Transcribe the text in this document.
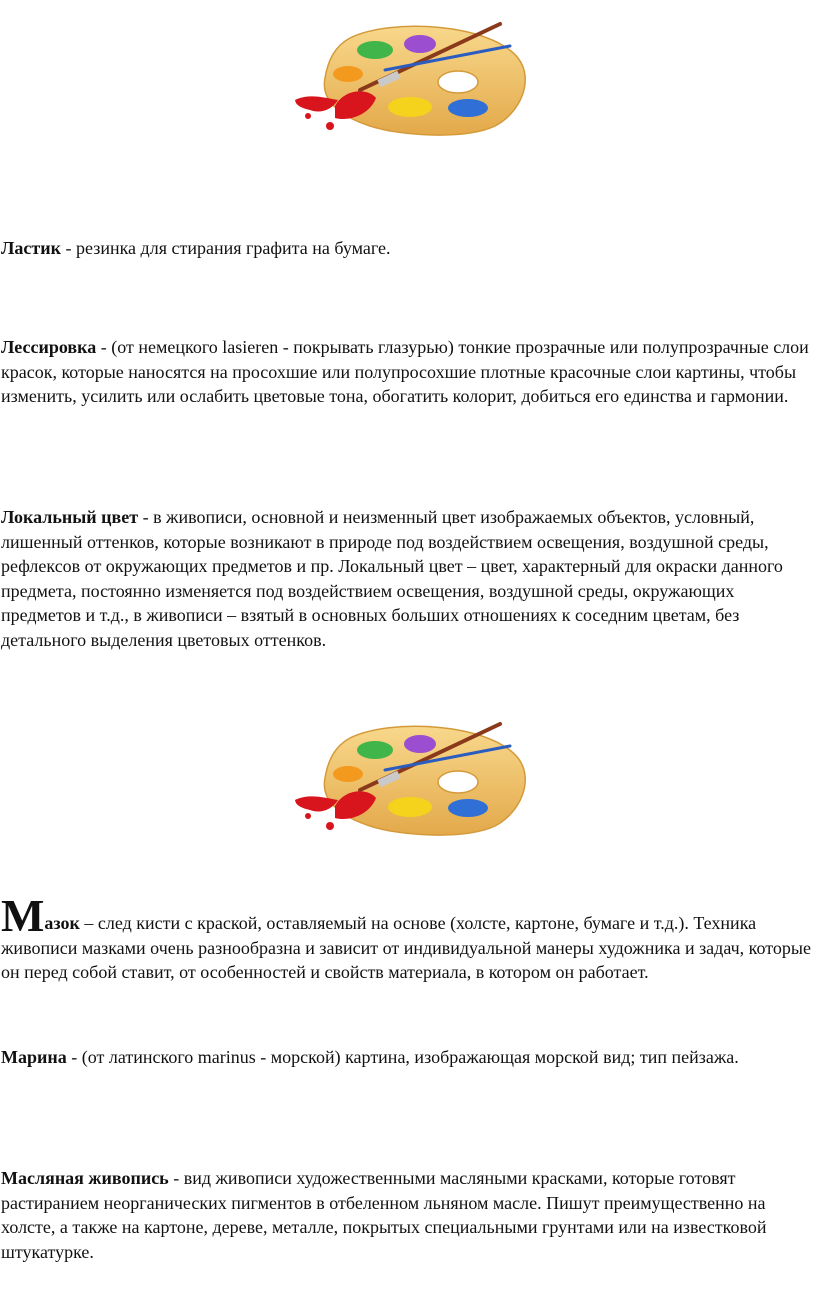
Ластик - резинка для стирания графита на бумаге.

Лессировка - (от немецкого lasieren - покрывать глазурью) тонкие прозрачные или полупрозрачные слои красок, которые наносятся на просохшие или полупросохшие плотные красочные слои картины, чтобы изменить, усилить или ослабить цветовые тона, обогатить колорит, добиться его единства и гармонии.

Локальный цвет - в живописи, основной и неизменный цвет изображаемых объектов, условный, лишенный оттенков, которые возникают в природе под воздействием освещения, воздушной среды, рефлексов от окружающих предметов и пр. Локальный цвет – цвет, характерный для окраски данного предмета, постоянно изменяется под воздействием освещения, воздушной среды, окружающих предметов и т.д., в живописи – взятый в основных больших отношениях к соседним цветам, без детального выделения цветовых оттенков.

Мазок – след кисти с краской, оставляемый на основе (холсте, картоне, бумаге и т.д.). Техника живописи мазками очень разнообразна и зависит от индивидуальной манеры художника и задач, которые он перед собой ставит, от особенностей и свойств материала, в котором он работает.

Марина - (от латинского marinus - морской) картина, изображающая морской вид; тип пейзажа.

Масляная живопись - вид живописи художественными масляными красками, которые готовят растиранием неорганических пигментов в отбеленном льняном масле. Пишут преимущественно на холсте, а также на картоне, дереве, металле, покрытых специальными грунтами или на известковой штукатурке.
